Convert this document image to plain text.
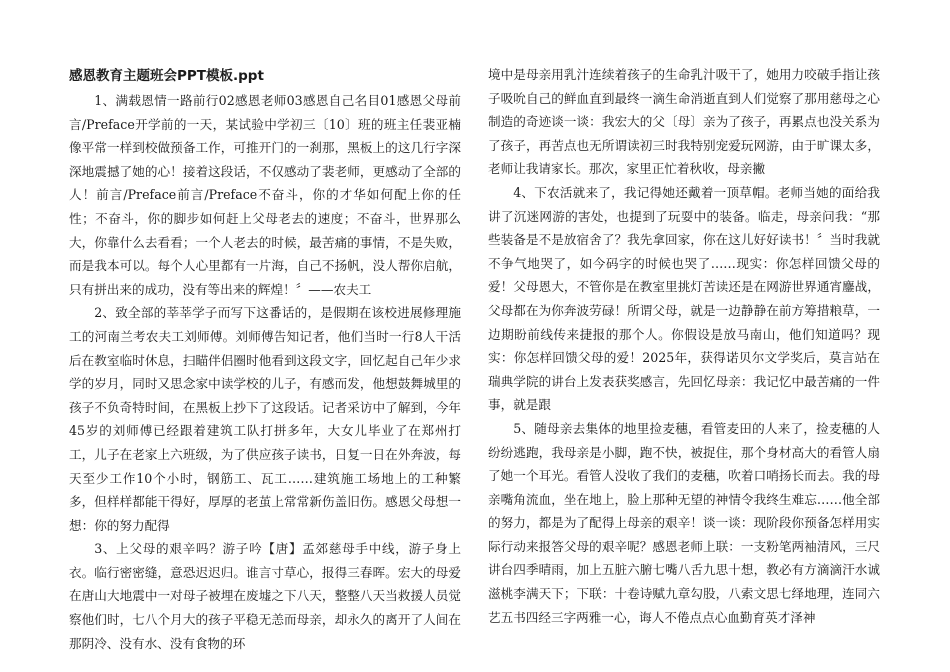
感恩教育主题班会PPT模板.ppt

1、满载恩情一路前行02感恩老师03感恩自己名目01感恩父母前言/Preface开学前的一天，某试验中学初三〔10〕班的班主任裴亚楠像平常一样到校做预备工作，可推开门的一刹那，黑板上的这几行字深深地震撼了她的心！接着这段话，不仅感动了裴老师，更感动了全部的人！前言/Preface前言/Preface不奋斗，你的才华如何配上你的任性；不奋斗，你的脚步如何赶上父母老去的速度；不奋斗，世界那么大，你靠什么去看看；一个人老去的时候，最苦痛的事情，不是失败，而是我本可以。每个人心里都有一片海，自己不扬帆，没人帮你启航，只有拼出来的成功，没有等出来的辉煌！〞——农夫工

2、致全部的莘莘学子而写下这番话的，是假期在该校进展修理施工的河南兰考农夫工刘师傅。刘师傅告知记者，他们当时一行8人干活后在教室临时休息，扫瞄伴侣圈时他看到这段文字，回忆起自己年少求学的岁月，同时又思念家中读学校的儿子，有感而发，他想鼓舞城里的孩子不负奇特时间，在黑板上抄下了这段话。记者采访中了解到，今年45岁的刘师傅已经跟着建筑工队打拼多年，大女儿毕业了在郑州打工，儿子在老家上六班级，为了供应孩子读书，日复一日在外奔波，每天至少工作10个小时，钢筋工、瓦工……建筑施工场地上的工种繁多，但样样都能干得好，厚厚的老茧上常常新伤盖旧伤。感恩父母想一想：你的努力配得

3、上父母的艰辛吗？游子吟【唐】孟郊慈母手中线，游子身上衣。临行密密缝，意恐迟迟归。谁言寸草心，报得三春晖。宏大的母爱在唐山大地震中一对母子被埋在废墟之下八天，整整八天当救援人员觉察他们时，七八个月大的孩子平稳无恙而母亲，却永久的离开了人间在那阴冷、没有水、没有食物的环

境中是母亲用乳汁连续着孩子的生命乳汁吸干了，她用力咬破手指让孩子吸吮自己的鲜血直到最终一滴生命消逝直到人们觉察了那用慈母之心制造的奇迹谈一谈：我宏大的父〔母〕亲为了孩子，再累点也没关系为了孩子，再苦点也无所谓读初三时我特别宠爱玩网游，由于旷课太多，老师让我请家长。那次，家里正忙着秋收，母亲撇

4、下农活就来了，我记得她还戴着一顶草帽。老师当她的面给我讲了沉迷网游的害处，也提到了玩耍中的装备。临走，母亲问我：“那些装备是不是放宿舍了？我先拿回家，你在这儿好好读书！〞当时我就不争气地哭了，如今码字的时候也哭了……现实：你怎样回馈父母的爱！父母恩大，不管你是在教室里挑灯苦读还是在网游世界通宵鏖战，父母都在为你奔波劳碌！所谓父母，就是一边静静在前方筹措粮草，一边期盼前线传来捷报的那个人。你假设是放马南山，他们知道吗？现实：你怎样回馈父母的爱！2025年，获得诺贝尔文学奖后，莫言站在瑞典学院的讲台上发表获奖感言，先回忆母亲：我记忆中最苦痛的一件事，就是跟

5、随母亲去集体的地里捡麦穗，看管麦田的人来了，捡麦穗的人纷纷逃跑，我母亲是小脚，跑不快，被捉住，那个身材高大的看管人扇了她一个耳光。看管人没收了我们的麦穗，吹着口哨扬长而去。我的母亲嘴角流血，坐在地上，脸上那种无望的神情令我终生难忘……他全部的努力，都是为了配得上母亲的艰辛！谈一谈：现阶段你预备怎样用实际行动来报答父母的艰辛呢？感恩老师上联：一支粉笔两袖清风，三尺讲台四季晴雨，加上五脏六腑七嘴八舌九思十想，教必有方滴滴汗水诚滋桃李满天下；下联：十卷诗赋九章勾股，八索文思七绎地理，连同六艺五书四经三字两雅一心，诲人不倦点点心血勤育英才泽神
